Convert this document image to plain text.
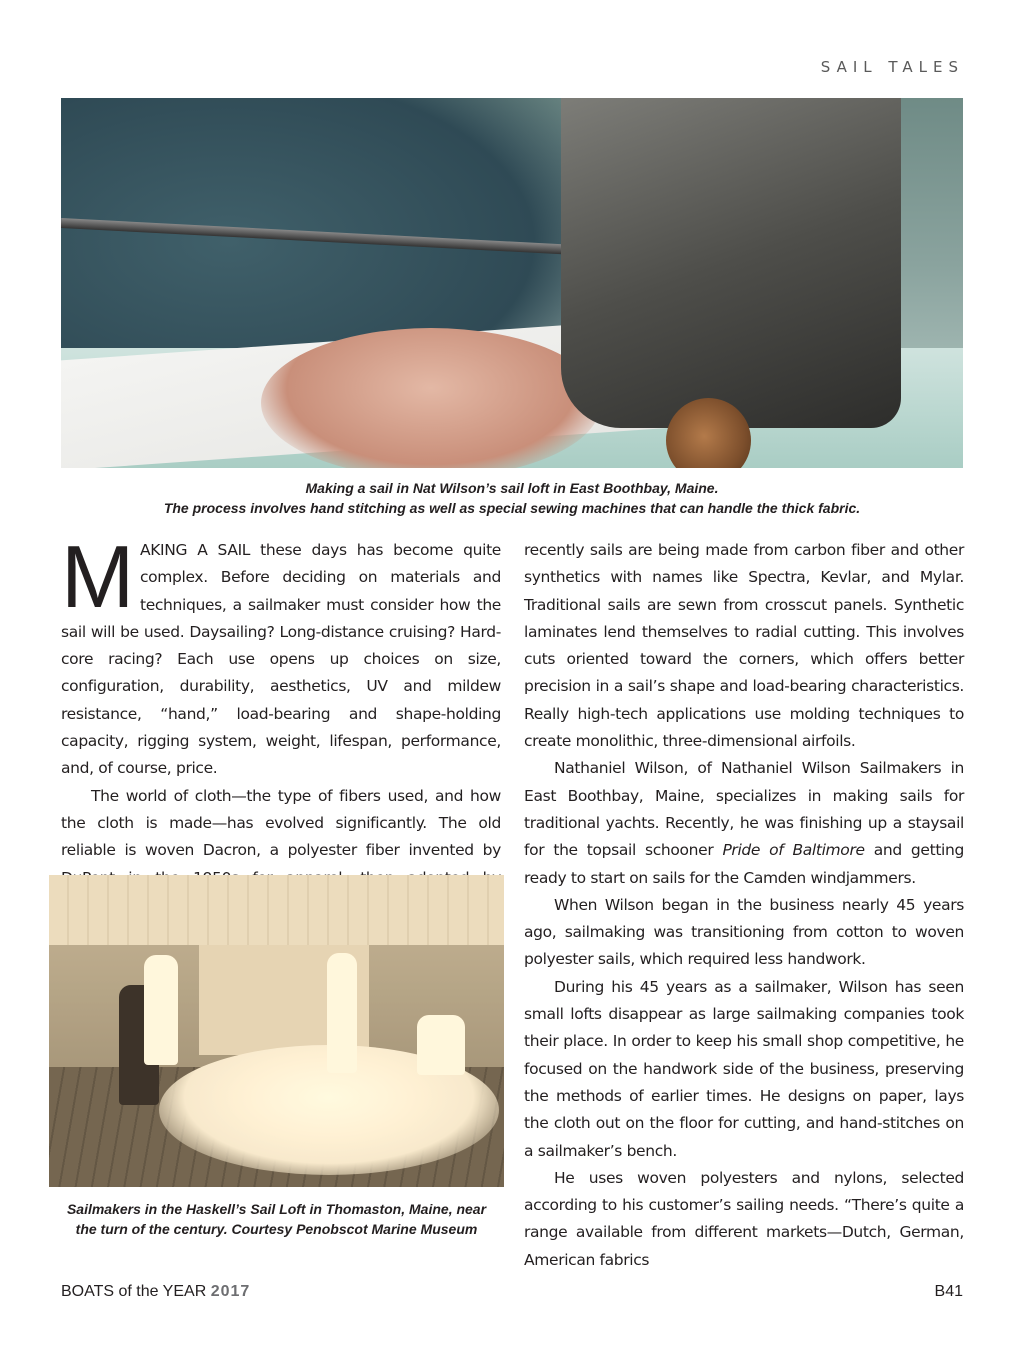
SAIL TALES
Making a sail in Nat Wilson’s sail loft in East Boothbay, Maine.
The process involves hand stitching as well as special sewing machines that can handle the thick fabric.

MAKING A SAIL these days has become quite complex. Before deciding on materials and techniques, a sailmaker must consider how the sail will be used. Daysailing? Long-distance cruising? Hard-core racing? Each use opens up choices on size, configuration, durability, aesthetics, UV and mildew resistance, “hand,” load-bearing and shape-holding capacity, rigging system, weight, lifespan, performance, and, of course, price.

The world of cloth—the type of fibers used, and how the cloth is made—has evolved significantly. The old reliable is woven Dacron, a polyester fiber invented by

Sailmakers in the Haskell’s Sail Loft in Thomaston, Maine, near
the turn of the century. Courtesy Penobscot Marine Museum

recently sails are being made from carbon fiber and other synthetics with names like Spectra, Kevlar, and Mylar. Traditional sails are sewn from crosscut panels. Synthetic laminates lend themselves to radial cutting. This involves cuts oriented toward the corners, which offers better precision in a sail’s shape and load-bearing characteristics. Really high-tech applications use molding techniques to create monolithic, three-dimensional airfoils.

Nathaniel Wilson, of Nathaniel Wilson Sailmakers in East Boothbay, Maine, specializes in making sails for traditional yachts. Recently, he was finishing up a staysail for the topsail schooner Pride of Baltimore and getting ready to start on sails for the Camden windjammers.

When Wilson began in the business nearly 45 years ago, sailmaking was transitioning from cotton to woven polyester sails, which required less handwork.

During his 45 years as a sailmaker, Wilson has seen small lofts disappear as large sailmaking companies took their place. In order to keep his small shop competitive, he focused on the handwork side of the business, preserving the methods of earlier times. He designs on paper, lays the cloth out on the floor for cutting, and hand-stitches on a sailmaker’s bench.

He uses woven polyesters and nylons, selected according to his customer’s sailing needs. “There’s quite a range available from different markets—Dutch, German, American fabrics

BOATS of the YEAR 2017	B41
